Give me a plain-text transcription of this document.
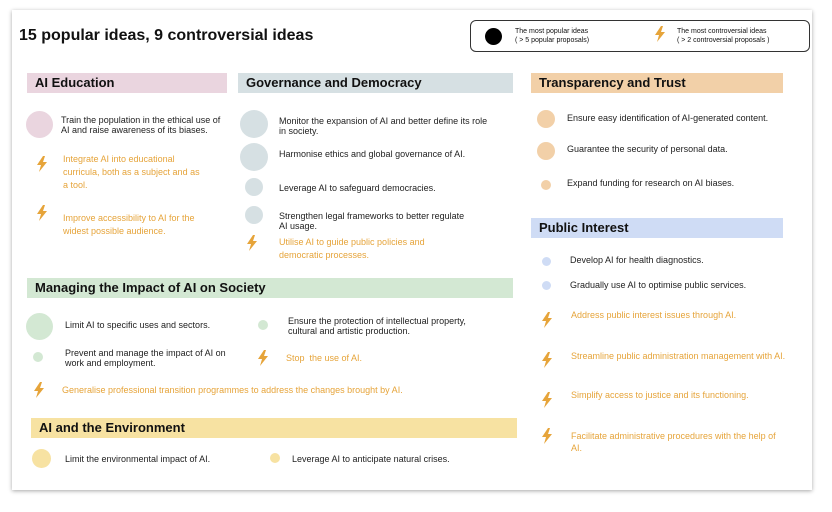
15 popular ideas, 9 controversial ideas	The most popular ideas
( > 5 popular proposals)
The most controversial ideas
( > 2 controversial proposals )
AI Education	Governance and Democracy	Transparency and Trust
Public Interest
Managing the Impact of AI on Society
AI and the Environment
Train the population in the ethical use of AI and raise awareness of its biases.
Integrate AI into educational curricula, both as a subject and as a tool.
Improve accessibility to AI for the widest possible audience.
Monitor the expansion of AI and better define its role in society.
Harmonise ethics and global governance of AI.
Leverage AI to safeguard democracies.
Strengthen legal frameworks to better regulate AI usage.
Utilise AI to guide public policies and democratic processes.
Ensure easy identification of AI-generated content.
Guarantee the security of personal data.
Expand funding for research on AI biases.
Develop AI for health diagnostics.
Gradually use AI to optimise public services.
Address public interest issues through AI.
Streamline public administration management with AI.
Simplify access to justice and its functioning.
Facilitate administrative procedures with the help of AI.
Limit AI to specific uses and sectors.	Ensure the protection of intellectual property, cultural and artistic production.
Prevent and manage the impact of AI on work and employment.	Stop  the use of AI.
Generalise professional transition programmes to address the changes brought by AI.
Limit the environmental impact of AI.	Leverage AI to anticipate natural crises.
